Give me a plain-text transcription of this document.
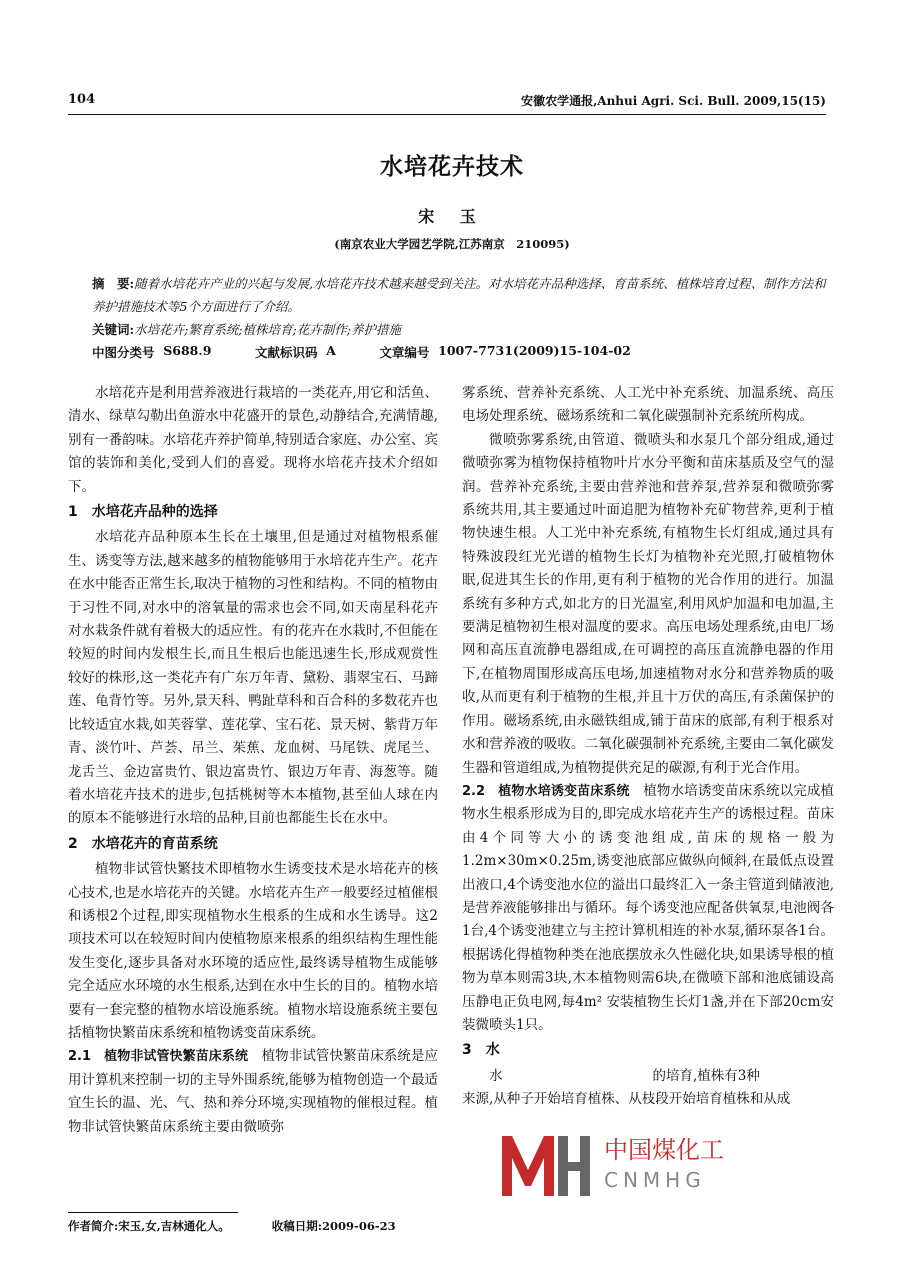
104	安徽农学通报,Anhui Agri. Sci. Bull. 2009,15(15)
水培花卉技术
宋 玉
(南京农业大学园艺学院,江苏南京　210095)
摘　要:随着水培花卉产业的兴起与发展,水培花卉技术越来越受到关注。对水培花卉品种选择、育苗系统、植株培育过程、制作方法和养护措施技术等5个方面进行了介绍。
关键词:水培花卉;繁育系统;植株培育;花卉制作;养护措施
中图分类号
S688.9
	文献标识码
A
	文章编号
1007-7731(2009)15-104-02

水培花卉是利用营养液进行栽培的一类花卉,用它和活鱼、清水、绿草勾勒出鱼游水中花盛开的景色,动静结合,充满情趣,别有一番韵味。水培花卉养护简单,特别适合家庭、办公室、宾馆的装饰和美化,受到人们的喜爱。现将水培花卉技术介绍如下。

1　水培花卉品种的选择

水培花卉品种原本生长在土壤里,但是通过对植物根系催生、诱变等方法,越来越多的植物能够用于水培花卉生产。花卉在水中能否正常生长,取决于植物的习性和结构。不同的植物由于习性不同,对水中的溶氧量的需求也会不同,如天南星科花卉对水栽条件就有着极大的适应性。有的花卉在水栽时,不但能在较短的时间内发根生长,而且生根后也能迅速生长,形成观赏性较好的株形,这一类花卉有广东万年青、黛粉、翡翠宝石、马蹄莲、龟背竹等。另外,景天科、鸭趾草科和百合科的多数花卉也比较适宜水栽,如芙蓉掌、莲花掌、宝石花、景天树、紫背万年青、淡竹叶、芦荟、吊兰、茱蕉、龙血树、马尾铁、虎尾兰、龙舌兰、金边富贵竹、银边富贵竹、银边万年青、海葱等。随着水培花卉技术的进步,包括桃树等木本植物,甚至仙人球在内的原本不能够进行水培的品种,目前也都能生长在水中。

2　水培花卉的育苗系统

植物非试管快繁技术即植物水生诱变技术是水培花卉的核心技术,也是水培花卉的关键。水培花卉生产一般要经过植催根和诱根2个过程,即实现植物水生根系的生成和水生诱导。这2项技术可以在较短时间内使植物原来根系的组织结构生理性能发生变化,逐步具备对水环境的适应性,最终诱导植物生成能够完全适应水环境的水生根系,达到在水中生长的目的。植物水培要有一套完整的植物水培设施系统。植物水培设施系统主要包括植物快繁苗床系统和植物诱变苗床系统。

2.1　植物非试管快繁苗床系统　 植物非试管快繁苗床系统是应用计算机来控制一切的主导外围系统,能够为植物创造一个最适宜生长的温、光、气、热和养分环境,实现植物的催根过程。植物非试管快繁苗床系统主要由微喷弥

雾系统、营养补充系统、人工光中补充系统、加温系统、高压电场处理系统、磁场系统和二氧化碳强制补充系统所构成。

微喷弥雾系统,由管道、微喷头和水泵几个部分组成,通过微喷弥雾为植物保持植物叶片水分平衡和苗床基质及空气的湿润。营养补充系统,主要由营养池和营养泵,营养泵和微喷弥雾系统共用,其主要通过叶面追肥为植物补充矿物营养,更利于植物快速生根。人工光中补充系统,有植物生长灯组成,通过具有特殊波段红光光谱的植物生长灯为植物补充光照,打破植物休眠,促进其生长的作用,更有利于植物的光合作用的进行。加温系统有多种方式,如北方的日光温室,利用风炉加温和电加温,主要满足植物初生根对温度的要求。高压电场处理系统,由电厂场网和高压直流静电器组成,在可调控的高压直流静电器的作用下,在植物周围形成高压电场,加速植物对水分和营养物质的吸收,从而更有利于植物的生根,并且十万伏的高压,有杀菌保护的作用。磁场系统,由永磁铁组成,铺于苗床的底部,有利于根系对水和营养液的吸收。二氧化碳强制补充系统,主要由二氧化碳发生器和管道组成,为植物提供充足的碳源,有利于光合作用。

2.2　植物水培诱变苗床系统　 植物水培诱变苗床系统以完成植物水生根系形成为目的,即完成水培花卉生产的诱根过程。苗床由4个同等大小的诱变池组成,苗床的规格一般为1.2m×30m×0.25m,诱变池底部应做纵向倾斜,在最低点设置出液口,4个诱变池水位的溢出口最终汇入一条主管道到储液池,是营养液能够排出与循环。每个诱变池应配备供氧泵,电池阀各1台,4个诱变池建立与主控计算机相连的补水泵,循环泵各1台。根据诱化得植物种类在池底摆放永久性磁化块,如果诱导根的植物为草本则需3块,木本植物则需6块,在微喷下部和池底铺设高压静电正负电网,每4m² 安装植物生长灯1盏,并在下部20cm安装微喷头1只。

3　水

水	的培育,植株有3种

来源,从种子开始培育植株、从枝段开始培育植株和从成

中国煤化工
CNMHG
作者简介:宋玉,女,吉林通化人。	收稿日期:2009-06-23
